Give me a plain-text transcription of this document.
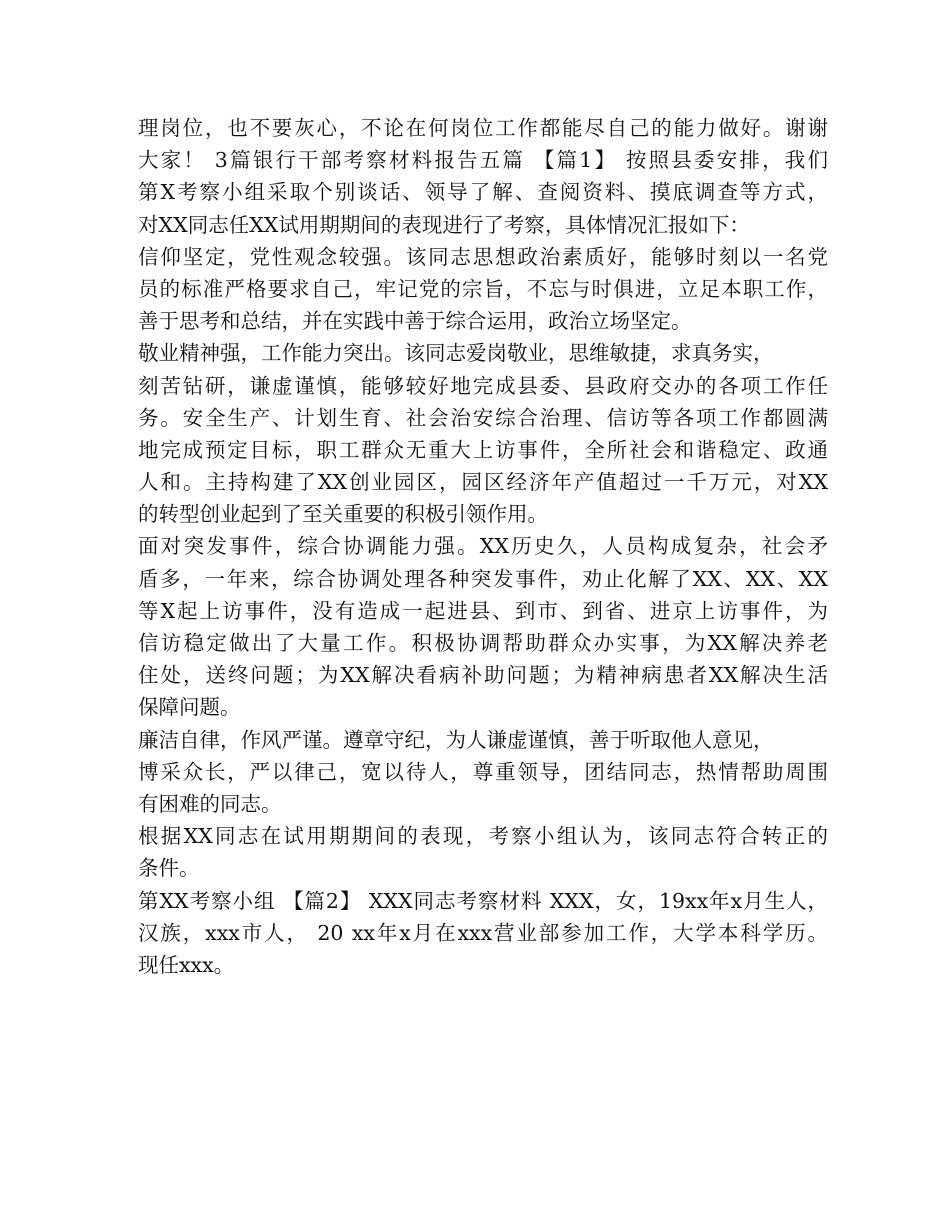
理岗位，也不要灰心，不论在何岗位工作都能尽自己的能力做好。谢谢
大家！ 3篇银行干部考察材料报告五篇 【篇1】 按照县委安排，我们
第X考察小组采取个别谈话、领导了解、查阅资料、摸底调查等方式，
对XX同志任XX试用期期间的表现进行了考察，具体情况汇报如下：
信仰坚定，党性观念较强。该同志思想政治素质好，能够时刻以一名党
员的标准严格要求自己，牢记党的宗旨，不忘与时俱进，立足本职工作，
善于思考和总结，并在实践中善于综合运用，政治立场坚定。
敬业精神强，工作能力突出。该同志爱岗敬业，思维敏捷，求真务实，
刻苦钻研，谦虚谨慎，能够较好地完成县委、县政府交办的各项工作任
务。安全生产、计划生育、社会治安综合治理、信访等各项工作都圆满
地完成预定目标，职工群众无重大上访事件，全所社会和谐稳定、政通
人和。主持构建了XX创业园区，园区经济年产值超过一千万元，对XX
的转型创业起到了至关重要的积极引领作用。
面对突发事件，综合协调能力强。XX历史久，人员构成复杂，社会矛
盾多，一年来，综合协调处理各种突发事件，劝止化解了XX、XX、XX
等X起上访事件，没有造成一起进县、到市、到省、进京上访事件，为
信访稳定做出了大量工作。积极协调帮助群众办实事，为XX解决养老
住处，送终问题；为XX解决看病补助问题；为精神病患者XX解决生活
保障问题。
廉洁自律，作风严谨。遵章守纪，为人谦虚谨慎，善于听取他人意见，
博采众长，严以律己，宽以待人，尊重领导，团结同志，热情帮助周围
有困难的同志。
根据XX同志在试用期期间的表现，考察小组认为，该同志符合转正的
条件。
第XX考察小组 【篇2】 XXX同志考察材料 XXX，女，19xx年x月生人，
汉族，xxx市人， 20 xx年x月在xxx营业部参加工作，大学本科学历。
现任xxx。
